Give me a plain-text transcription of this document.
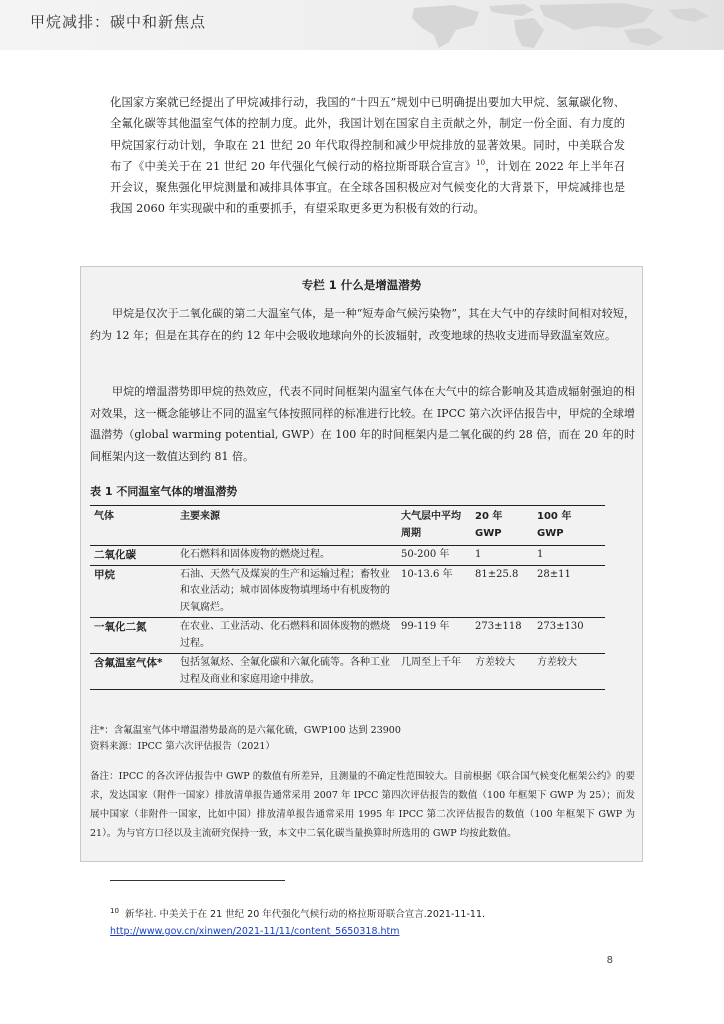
甲烷减排：碳中和新焦点

化国家方案就已经提出了甲烷减排行动，我国的“十四五”规划中已明确提出要加大甲烷、氢氟碳化物、全氟化碳等其他温室气体的控制力度。此外，我国计划在国家自主贡献之外，制定一份全面、有力度的甲烷国家行动计划，争取在 21 世纪 20 年代取得控制和减少甲烷排放的显著效果。同时，中美联合发布了《中美关于在 21 世纪 20 年代强化气候行动的格拉斯哥联合宣言》$^{10}$，计划在 2022 年上半年召开会议，聚焦强化甲烷测量和减排具体事宜。在全球各国积极应对气候变化的大背景下，甲烷减排也是我国 2060 年实现碳中和的重要抓手，有望采取更多更为积极有效的行动。

专栏 1 什么是增温潜势

甲烷是仅次于二氧化碳的第二大温室气体，是一种“短寿命气候污染物”，其在大气中的存续时间相对较短，约为 12 年；但是在其存在的约 12 年中会吸收地球向外的长波辐射，改变地球的热收支进而导致温室效应。

甲烷的增温潜势即甲烷的热效应，代表不同时间框架内温室气体在大气中的综合影响及其造成辐射强迫的相对效果，这一概念能够让不同的温室气体按照同样的标准进行比较。在 IPCC 第六次评估报告中，甲烷的全球增温潜势（global warming potential, GWP）在 100 年的时间框架内是二氧化碳的约 28 倍，而在 20 年的时间框架内这一数值达到约 81 倍。

表 1 不同温室气体的增温潜势
气体	主要来源	大气层中平均周期	20 年 GWP	100 年 GWP
二氧化碳	化石燃料和固体废物的燃烧过程。	50-200 年	1	1
甲烷	石油、天然气及煤炭的生产和运输过程；畜牧业和农业活动；城市固体废物填埋场中有机废物的厌氧腐烂。	10-13.6 年	81±25.8	28±11
一氧化二氮	在农业、工业活动、化石燃料和固体废物的燃烧过程。	99-119 年	273±118	273±130
含氟温室气体*	包括氢氟烃、全氟化碳和六氟化硫等。各种工业过程及商业和家庭用途中排放。	几周至上千年	方差较大	方差较大

注*：含氟温室气体中增温潜势最高的是六氟化硫，GWP100 达到 23900

资料来源：IPCC 第六次评估报告（2021）

备注：IPCC 的各次评估报告中 GWP 的数值有所差异，且测量的不确定性范围较大。目前根据《联合国气候变化框架公约》的要求，发达国家（附件一国家）排放清单报告通常采用 2007 年 IPCC 第四次评估报告的数值（100 年框架下 GWP 为 25）；而发展中国家（非附件一国家，比如中国）排放清单报告通常采用 1995 年 IPCC 第二次评估报告的数值（100 年框架下 GWP 为 21）。为与官方口径以及主流研究保持一致，本文中二氧化碳当量换算时所选用的 GWP 均按此数值。

$^{10}$ 新华社. 中美关于在 21 世纪 20 年代强化气候行动的格拉斯哥联合宣言.2021-11-11.
http://www.gov.cn/xinwen/2021-11/11/content_5650318.htm
8
